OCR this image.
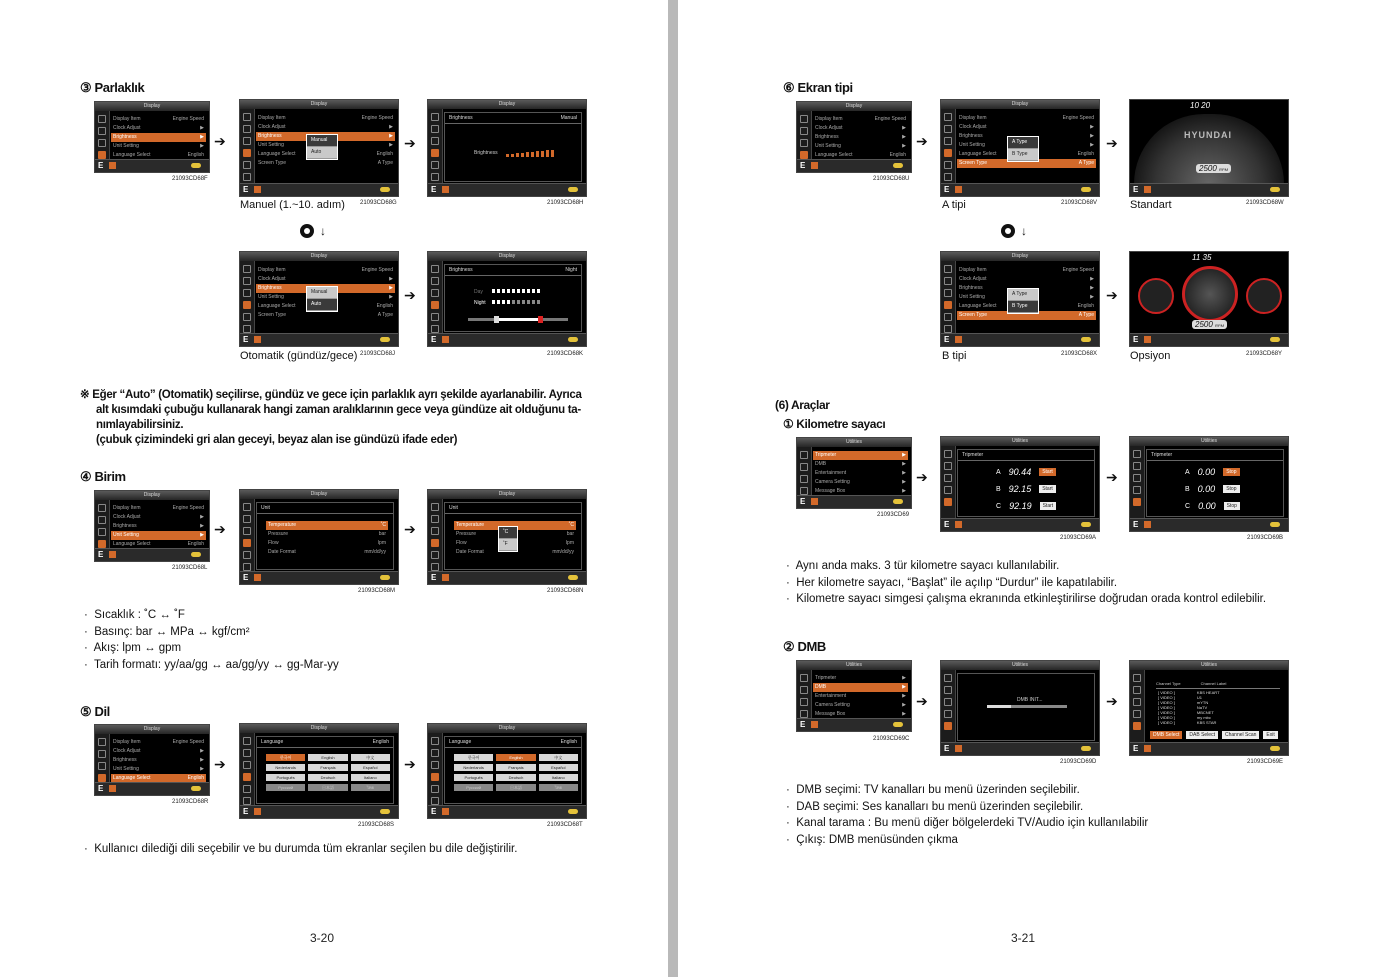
③ Parlaklık
Display
Display Item	Engine Speed
Clock Adjust	▶
Brightness	▶
Unit Setting	▶
Language Select	English
E
21093CD68F
➔
Display
Display Item	Engine Speed
Clock Adjust	▶
Brightness	▶
Unit Setting	▶
Language Select	English
Screen Type	A Type
Manual
Auto
E
Manuel (1.~10. adım)	21093CD68G
➔
Display
Brightness	Manual
Brightness
E
21093CD68H
↓
Display
Display Item	Engine Speed
Clock Adjust	▶
Brightness	▶
Unit Setting	▶
Language Select	English
Screen Type	A Type
Manual
Auto
E
Otomatik (gündüz/gece) 21093CD68J
➔
Display
Brightness	Night
Day
Night
E
21093CD68K
※ Eğer “Auto” (Otomatik) seçilirse, gündüz ve gece için parlaklık ayrı şekilde ayarlanabilir. Ayrıca
alt kısımdaki çubuğu kullanarak hangi zaman aralıklarının gece veya gündüze ait olduğunu ta-
nımlayabilirsiniz.
(çubuk çizimindeki gri alan geceyi, beyaz alan ise gündüzü ifade eder)
④ Birim
Display
Display Item	Engine Speed
Clock Adjust	▶
Brightness	▶
Unit Setting	▶
Language Select	English
E
21093CD68L
➔
Display
Unit
Temperature	˚C
Pressure	bar
Flow	lpm
Date Format	mm/dd/yy
E
21093CD68M
➔
Display
Unit
Temperature	˚C
Pressure	bar
Flow	lpm
Date Format	mm/dd/yy
˚C
˚F
E
21093CD68N
·  Sıcaklık : ˚C ↔ ˚F
·  Basınç: bar ↔ MPa ↔ kgf/cm²
·  Akış: lpm ↔ gpm
·  Tarih formatı: yy/aa/gg ↔ aa/gg/yy ↔ gg-Mar-yy
⑤ Dil
Display
Display Item	Engine Speed
Clock Adjust	▶
Brightness	▶
Unit Setting	▶
Language Select	English
E
21093CD68R
➔
Display
Language	English
한국어	English	中文
Nederlands	Français	Español
Português	Deutsch	Italiano
Русский	日本語	ไทย
E
21093CD68S
➔
Display
Language	English
한국어	English	中文
Nederlands	Français	Español
Português	Deutsch	Italiano
Русский	日本語	ไทย
E
21093CD68T
·  Kullanıcı dilediği dili seçebilir ve bu durumda tüm ekranlar seçilen bu dile değiştirilir.
3-20
⑥ Ekran tipi
Display
Display Item	Engine Speed
Clock Adjust	▶
Brightness	▶
Unit Setting	▶
Language Select	English
E
21093CD68U
➔
Display
Display Item	Engine Speed
Clock Adjust	▶
Brightness	▶
Unit Setting	▶
Language Select	English
Screen Type	A Type
A Type
B Type
E
A tipi	21093CD68V
➔
10 20
HYUNDAI
2500 RPM
E
Standart	21093CD68W
↓
Display
Display Item	Engine Speed
Clock Adjust	▶
Brightness	▶
Unit Setting	▶
Language Select	English
Screen Type	A Type
A Type
B Type
E
B tipi	21093CD68X
➔
11 35
2500 RPM
E
Opsiyon	21093CD68Y
(6) Araçlar
① Kilometre sayacı
Utilities
Tripmeter	▶
DMB	▶
Entertainment	▶
Camera Setting	▶
Message Box	▶
E
21093CD69
➔
Utilities
Tripmeter
A 90.44	Start
B 92.15	Start
C 92.19	Start
E
21093CD69A
➔
Utilities
Tripmeter
A 0.00	Stop
B 0.00	Stop
C 0.00	Stop
E
21093CD69B
·  Aynı anda maks. 3 tür kilometre sayacı kullanılabilir.
·  Her kilometre sayacı, “Başlat” ile açılıp “Durdur” ile kapatılabilir.
·  Kilometre sayacı simgesi çalışma ekranında etkinleştirilirse doğrudan orada kontrol edilebilir.
② DMB
Utilities
Tripmeter	▶
DMB	▶
Entertainment	▶
Camera Setting	▶
Message Box	▶
E
21093CD69C
➔
Utilities
DMB INIT...
E
21093CD69D
➔
Utilities
Channel Type	Channel Label
[ VIDEO ]	KBS HEART
[ VIDEO ]	U1
[ VIDEO ]	mYTN
[ VIDEO ]	NaTV
[ VIDEO ]	MBCNET
[ VIDEO ]	my mbc
[ VIDEO ]	KBS STAR
DMB Select	DAB Select	Channel Scan	Exit
E
21093CD69E
·  DMB seçimi: TV kanalları bu menü üzerinden seçilebilir.
·  DAB seçimi: Ses kanalları bu menü üzerinden seçilebilir.
·  Kanal tarama : Bu menü diğer bölgelerdeki TV/Audio için kullanılabilir
·  Çıkış: DMB menüsünden çıkma
3-21
